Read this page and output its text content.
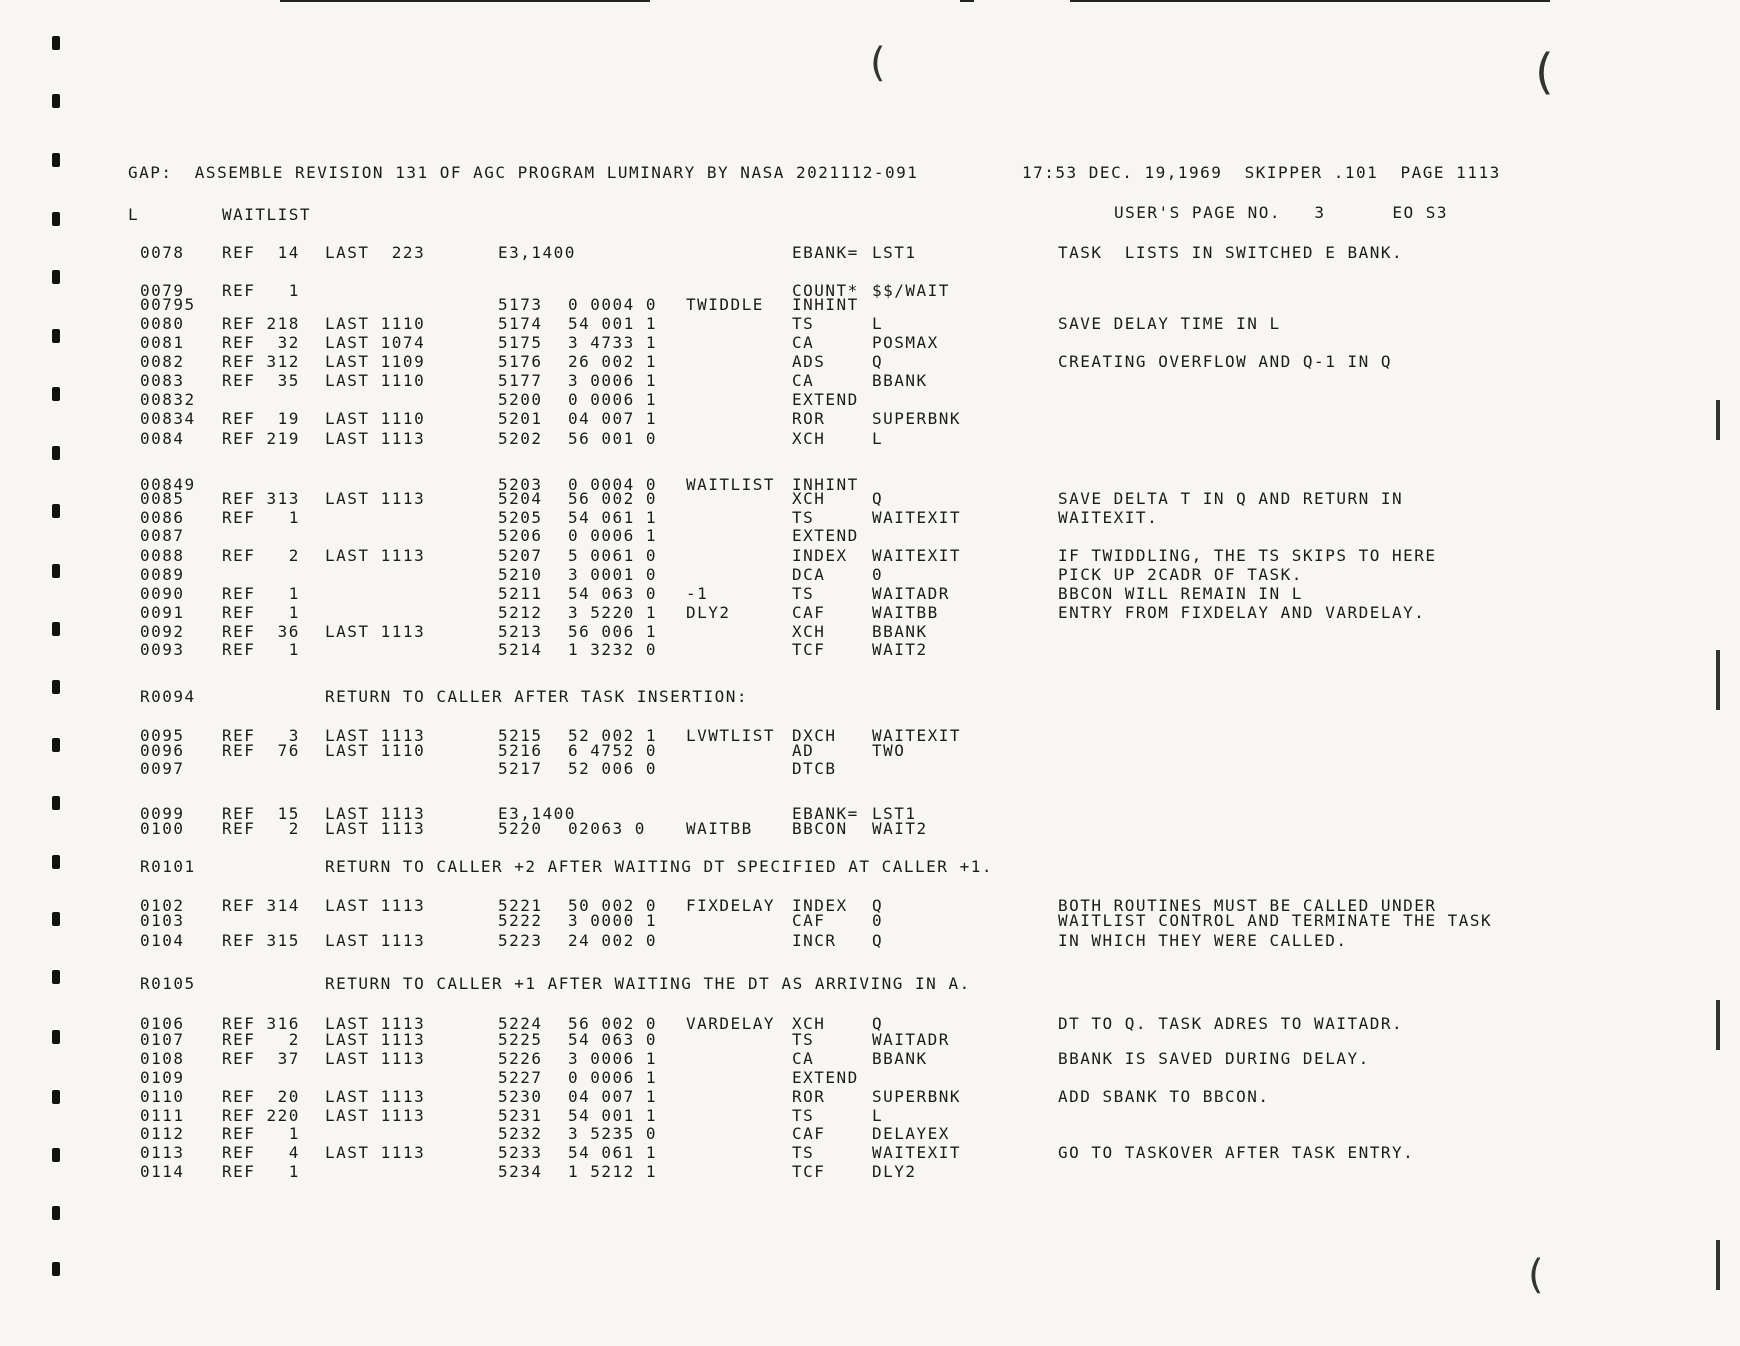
(	(
(
GAP:  ASSEMBLE REVISION 131 OF AGC PROGRAM LUMINARY BY NASA 2021112-091	17:53 DEC. 19,1969  SKIPPER .101  PAGE 1113
L	WAITLIST	USER'S PAGE NO.   3      EO S3
0078 REF  14 LAST  223	E3,1400	EBANK= LST1	TASK  LISTS IN SWITCHED E BANK.
0079 REF   1	COUNT* $$/WAIT
00795	5173 0 0004 0 TWIDDLE INHINT
0080 REF 218 LAST 1110	5174 54 001 1	TS	L	SAVE DELAY TIME IN L
0081 REF  32 LAST 1074	5175 3 4733 1	CA	POSMAX
0082 REF 312 LAST 1109	5176 26 002 1	ADS	Q	CREATING OVERFLOW AND Q-1 IN Q
0083 REF  35 LAST 1110	5177 3 0006 1	CA	BBANK
00832	5200 0 0006 1	EXTEND
00834 REF  19 LAST 1110	5201 04 007 1	ROR	SUPERBNK
0084 REF 219 LAST 1113	5202 56 001 0	XCH	L
00849	5203 0 0004 0 WAITLIST INHINT
0085 REF 313 LAST 1113	5204 56 002 0	XCH	Q	SAVE DELTA T IN Q AND RETURN IN
0086 REF   1	5205 54 061 1	TS	WAITEXIT	WAITEXIT.
0087	5206 0 0006 1	EXTEND
0088 REF   2 LAST 1113	5207 5 0061 0	INDEX WAITEXIT	IF TWIDDLING, THE TS SKIPS TO HERE
0089	5210 3 0001 0	DCA	0	PICK UP 2CADR OF TASK.
0090 REF   1	5211 54 063 0 -1	TS	WAITADR	BBCON WILL REMAIN IN L
0091 REF   1	5212 3 5220 1 DLY2	CAF	WAITBB	ENTRY FROM FIXDELAY AND VARDELAY.
0092 REF  36 LAST 1113	5213 56 006 1	XCH	BBANK
0093 REF   1	5214 1 3232 0	TCF	WAIT2
R0094	RETURN TO CALLER AFTER TASK INSERTION:
0095 REF   3 LAST 1113	5215 52 002 1 LVWTLIST DXCH WAITEXIT
0096 REF  76 LAST 1110	5216 6 4752 0	AD	TWO
0097	5217 52 006 0	DTCB
0099 REF  15 LAST 1113	E3,1400	EBANK= LST1
0100 REF   2 LAST 1113	5220 02063 0	WAITBB BBCON WAIT2
R0101	RETURN TO CALLER +2 AFTER WAITING DT SPECIFIED AT CALLER +1.
0102 REF 314 LAST 1113	5221 50 002 0 FIXDELAY INDEX Q	BOTH ROUTINES MUST BE CALLED UNDER
0103	5222 3 0000 1	CAF	0	WAITLIST CONTROL AND TERMINATE THE TASK
0104 REF 315 LAST 1113	5223 24 002 0	INCR Q	IN WHICH THEY WERE CALLED.
R0105	RETURN TO CALLER +1 AFTER WAITING THE DT AS ARRIVING IN A.
0106 REF 316 LAST 1113	5224 56 002 0 VARDELAY XCH	Q	DT TO Q. TASK ADRES TO WAITADR.
0107 REF   2 LAST 1113	5225 54 063 0	TS	WAITADR
0108 REF  37 LAST 1113	5226 3 0006 1	CA	BBANK	BBANK IS SAVED DURING DELAY.
0109	5227 0 0006 1	EXTEND
0110 REF  20 LAST 1113	5230 04 007 1	ROR	SUPERBNK	ADD SBANK TO BBCON.
0111 REF 220 LAST 1113	5231 54 001 1	TS	L
0112 REF   1	5232 3 5235 0	CAF	DELAYEX
0113 REF   4 LAST 1113	5233 54 061 1	TS	WAITEXIT	GO TO TASKOVER AFTER TASK ENTRY.
0114 REF   1	5234 1 5212 1	TCF	DLY2
